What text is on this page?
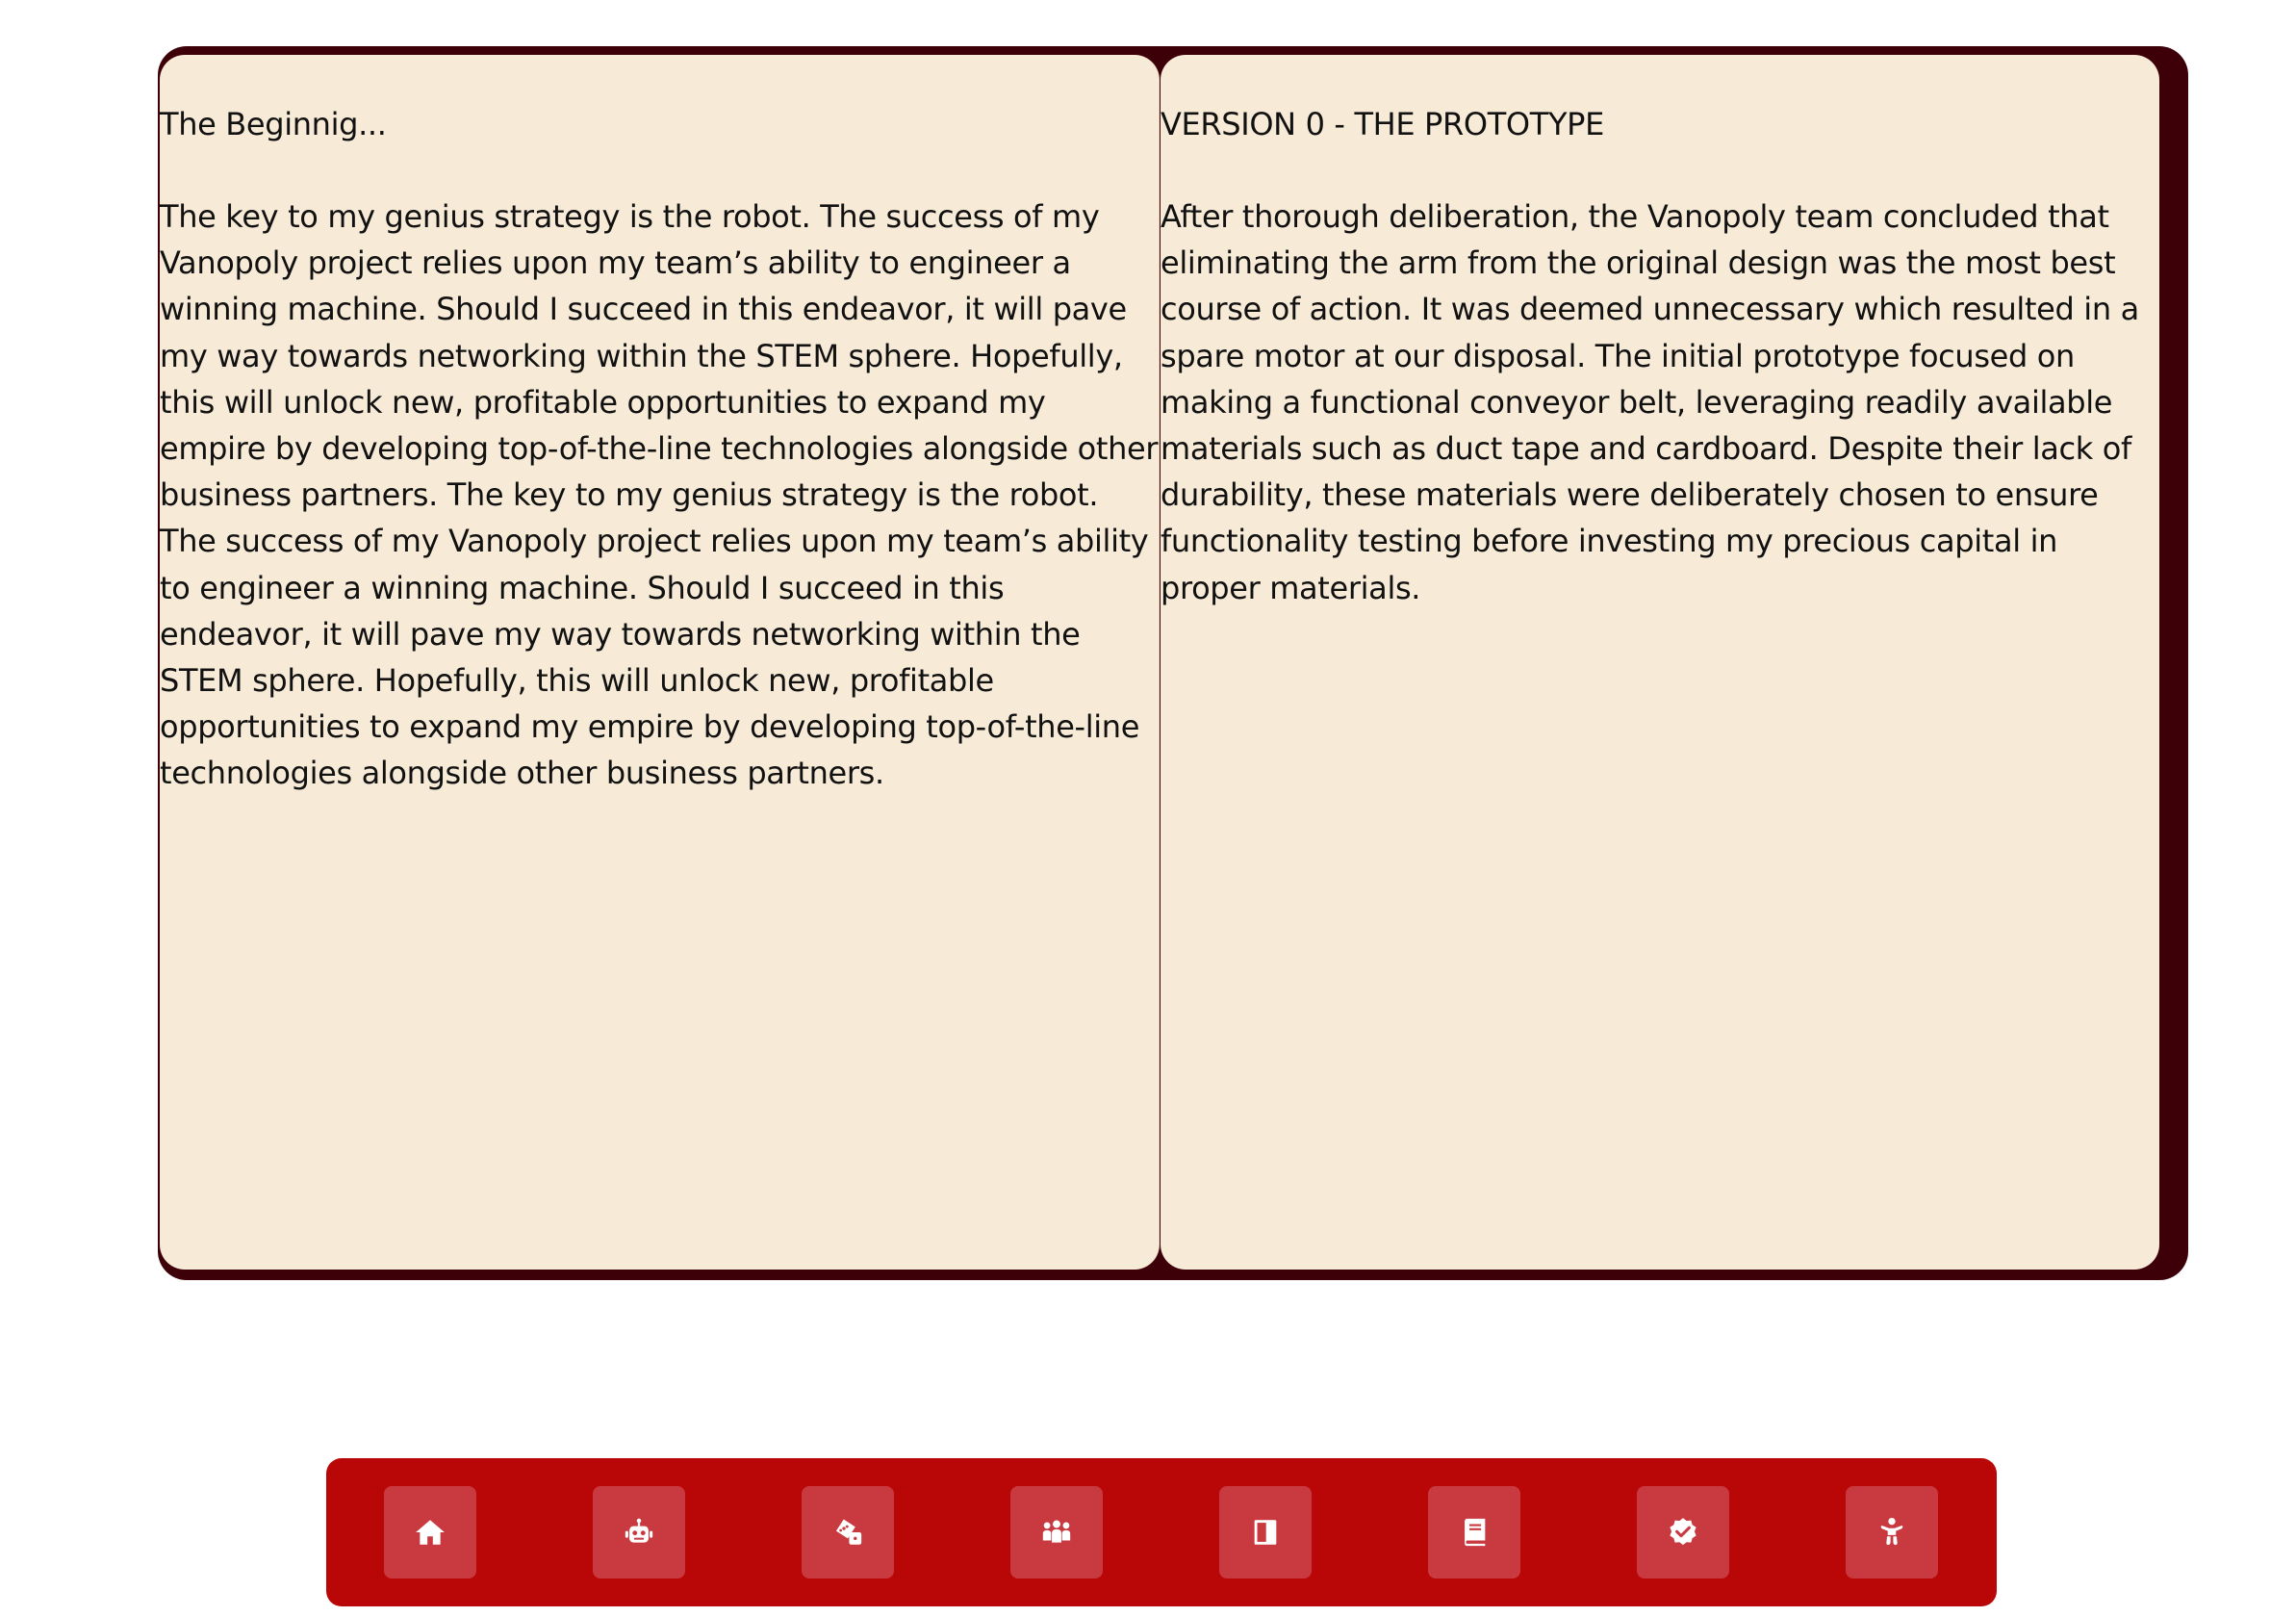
The Beginnig...

The key to my genius strategy is the robot. The success of my Vanopoly project relies upon my team’s ability to engineer a winning machine. Should I succeed in this endeavor, it will pave my way towards networking within the STEM sphere. Hopefully, this will unlock new, profitable opportunities to expand my empire by developing top-of-the-line technologies alongside other business partners. The key to my genius strategy is the robot. The success of my Vanopoly project relies upon my team’s ability to engineer a winning machine. Should I succeed in this endeavor, it will pave my way towards networking within the STEM sphere. Hopefully, this will unlock new, profitable opportunities to expand my empire by developing top-of-the-line technologies alongside other business partners.

VERSION 0 - THE PROTOTYPE

After thorough deliberation, the Vanopoly team concluded that eliminating the arm from the original design was the most best course of action. It was deemed unnecessary which resulted in a spare motor at our disposal. The initial prototype focused on making a functional conveyor belt, leveraging readily available materials such as duct tape and cardboard. Despite their lack of durability, these materials were deliberately chosen to ensure functionality testing before investing my precious capital in proper materials.
